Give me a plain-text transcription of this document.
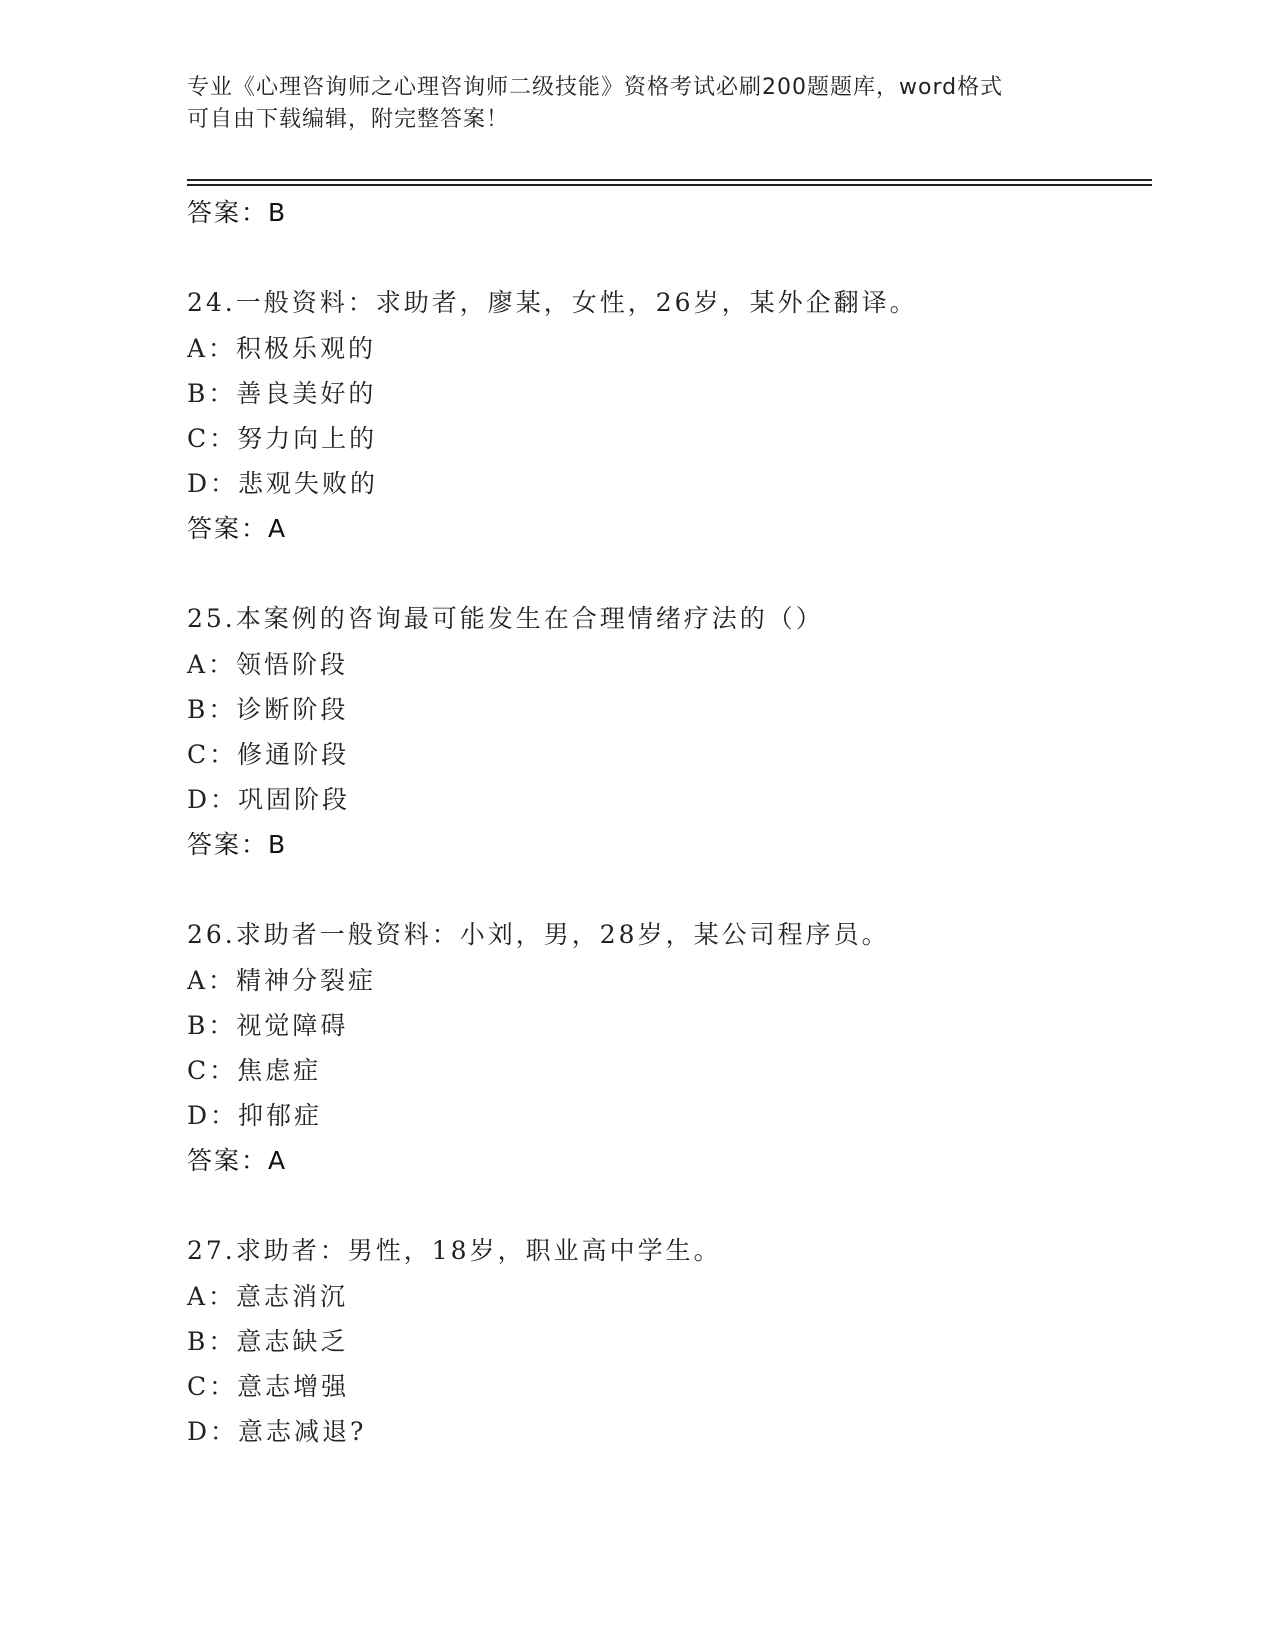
专业《心理咨询师之心理咨询师二级技能》资格考试必刷200题题库，word格式
可自由下载编辑，附完整答案！
答案：B
24.一般资料：求助者，廖某，女性，26岁，某外企翻译。
A：积极乐观的
B：善良美好的
C：努力向上的
D：悲观失败的
答案：A
25.本案例的咨询最可能发生在合理情绪疗法的（）
A：领悟阶段
B：诊断阶段
C：修通阶段
D：巩固阶段
答案：B
26.求助者一般资料：小刘，男，28岁，某公司程序员。
A：精神分裂症
B：视觉障碍
C：焦虑症
D：抑郁症
答案：A
27.求助者：男性，18岁，职业高中学生。
A：意志消沉
B：意志缺乏
C：意志增强
D：意志减退?
